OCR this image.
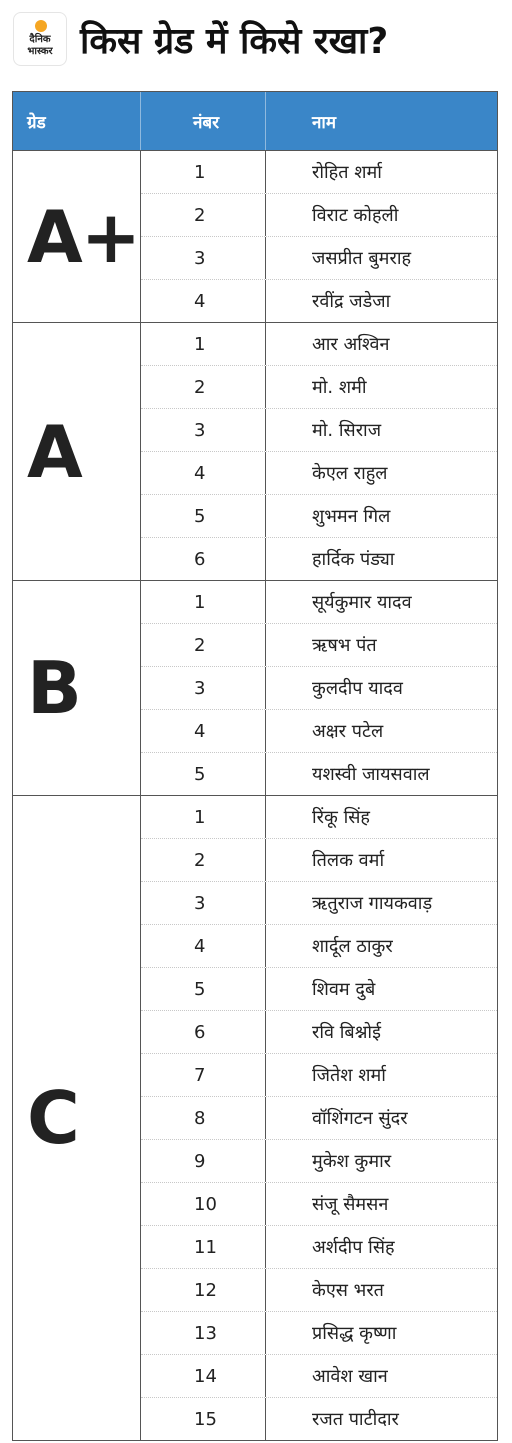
दैनिक
भास्कर किस ग्रेड में किसे रखा?
ग्रेड	नंबर	नाम
A+
1	रोहित शर्मा
2	विराट कोहली
3	जसप्रीत बुमराह
4	रवींद्र जडेजा
A
1	आर अश्विन
2	मो. शमी
3	मो. सिराज
4	केएल राहुल
5	शुभमन गिल
6	हार्दिक पंड्या
B
1	सूर्यकुमार यादव
2	ऋषभ पंत
3	कुलदीप यादव
4	अक्षर पटेल
5	यशस्वी जायसवाल
C
1	रिंकू सिंह
2	तिलक वर्मा
3	ऋतुराज गायकवाड़
4	शार्दूल ठाकुर
5	शिवम दुबे
6	रवि बिश्नोई
7	जितेश शर्मा
8	वॉशिंगटन सुंदर
9	मुकेश कुमार
10	संजू सैमसन
11	अर्शदीप सिंह
12	केएस भरत
13	प्रसिद्ध कृष्णा
14	आवेश खान
15	रजत पाटीदार
